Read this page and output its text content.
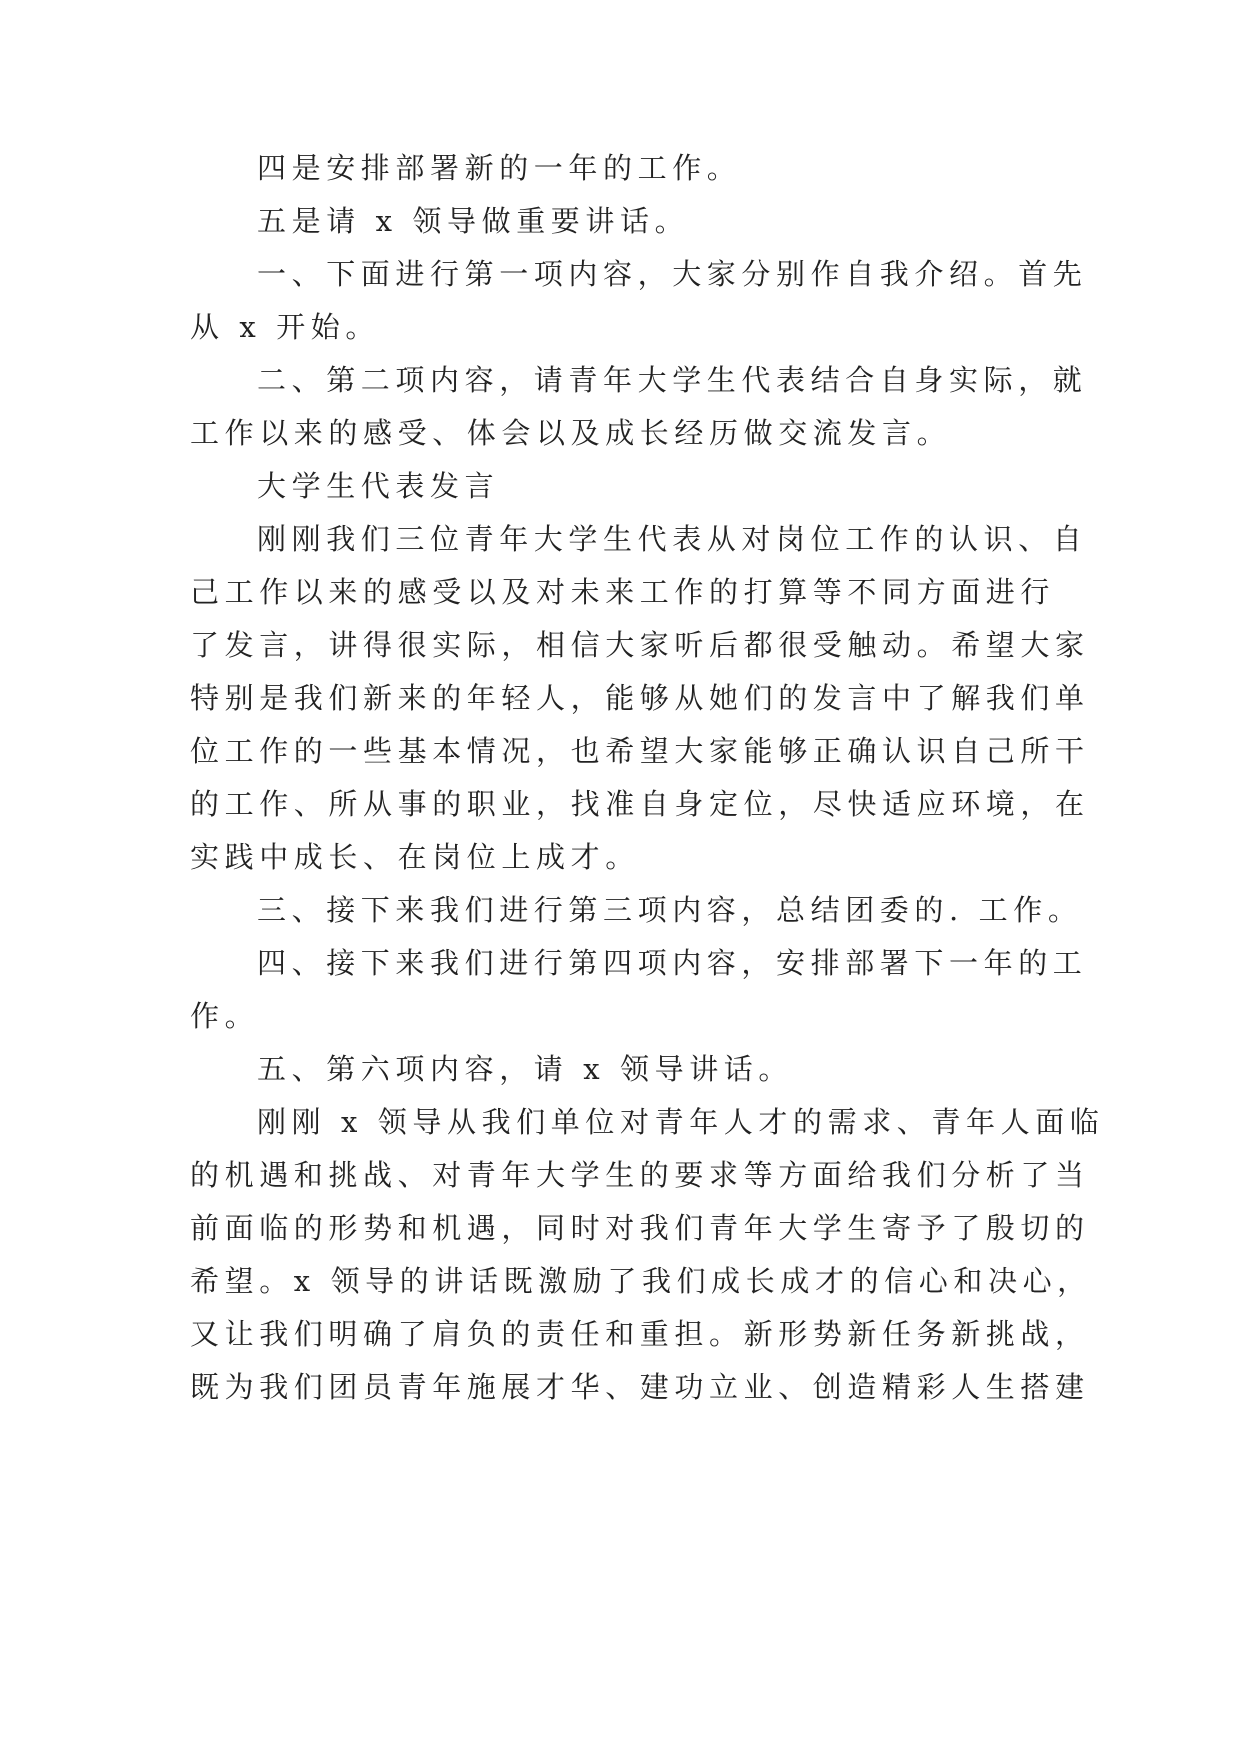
四是安排部署新的一年的工作。
五是请 x 领导做重要讲话。
一、下面进行第一项内容，大家分别作自我介绍。首先
从 x 开始。
二、第二项内容，请青年大学生代表结合自身实际，就
工作以来的感受、体会以及成长经历做交流发言。
大学生代表发言
刚刚我们三位青年大学生代表从对岗位工作的认识、自
己工作以来的感受以及对未来工作的打算等不同方面进行
了发言，讲得很实际，相信大家听后都很受触动。希望大家
特别是我们新来的年轻人，能够从她们的发言中了解我们单
位工作的一些基本情况，也希望大家能够正确认识自己所干
的工作、所从事的职业，找准自身定位，尽快适应环境，在
实践中成长、在岗位上成才。
三、接下来我们进行第三项内容，总结团委的. 工作。
四、接下来我们进行第四项内容，安排部署下一年的工
作。
五、第六项内容，请 x 领导讲话。
刚刚 x 领导从我们单位对青年人才的需求、青年人面临
的机遇和挑战、对青年大学生的要求等方面给我们分析了当
前面临的形势和机遇，同时对我们青年大学生寄予了殷切的
希望。x 领导的讲话既激励了我们成长成才的信心和决心，
又让我们明确了肩负的责任和重担。新形势新任务新挑战，
既为我们团员青年施展才华、建功立业、创造精彩人生搭建
